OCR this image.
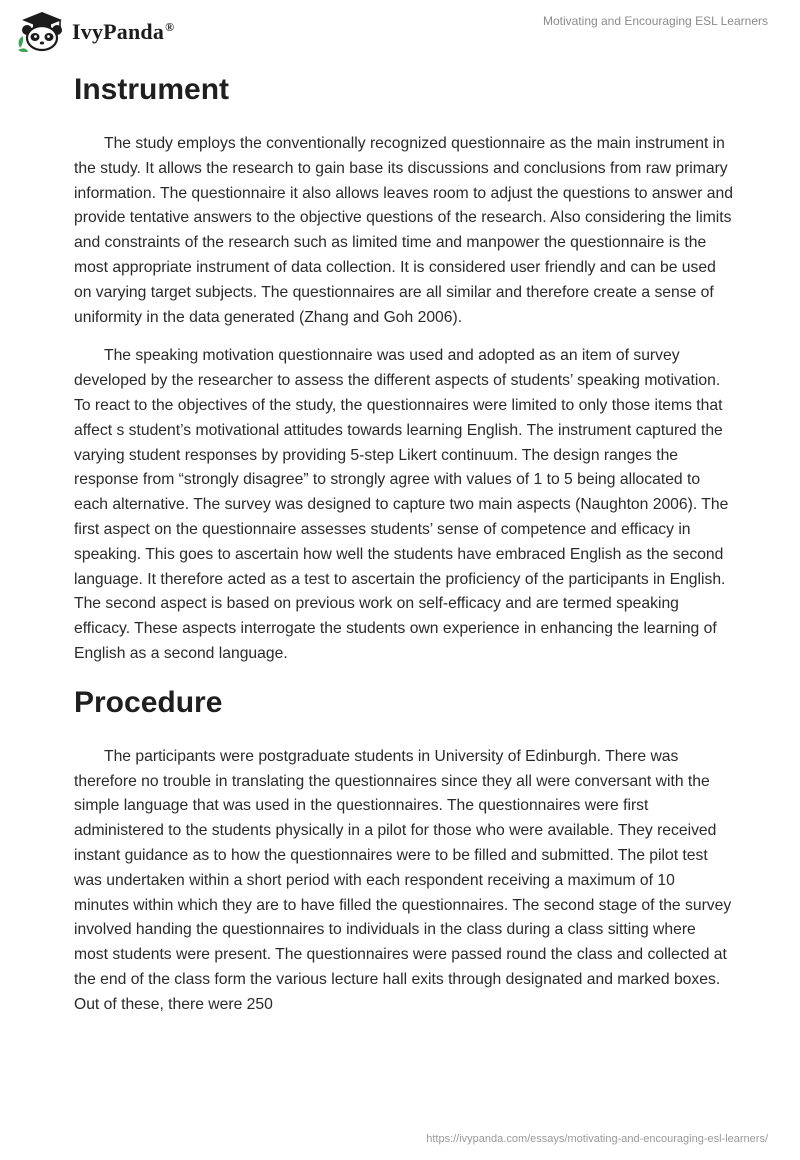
IvyPanda®	Motivating and Encouraging ESL Learners
Instrument

The study employs the conventionally recognized questionnaire as the main instrument in the study. It allows the research to gain base its discussions and conclusions from raw primary information. The questionnaire it also allows leaves room to adjust the questions to answer and provide tentative answers to the objective questions of the research. Also considering the limits and constraints of the research such as limited time and manpower the questionnaire is the most appropriate instrument of data collection. It is considered user friendly and can be used on varying target subjects. The questionnaires are all similar and therefore create a sense of uniformity in the data generated (Zhang and Goh 2006).

The speaking motivation questionnaire was used and adopted as an item of survey developed by the researcher to assess the different aspects of students’ speaking motivation. To react to the objectives of the study, the questionnaires were limited to only those items that affect s student’s motivational attitudes towards learning English. The instrument captured the varying student responses by providing 5-step Likert continuum. The design ranges the response from “strongly disagree” to strongly agree with values of 1 to 5 being allocated to each alternative. The survey was designed to capture two main aspects (Naughton 2006). The first aspect on the questionnaire assesses students’ sense of competence and efficacy in speaking. This goes to ascertain how well the students have embraced English as the second language. It therefore acted as a test to ascertain the proficiency of the participants in English. The second aspect is based on previous work on self-efficacy and are termed speaking efficacy. These aspects interrogate the students own experience in enhancing the learning of English as a second language.

Procedure

The participants were postgraduate students in University of Edinburgh. There was therefore no trouble in translating the questionnaires since they all were conversant with the simple language that was used in the questionnaires. The questionnaires were first administered to the students physically in a pilot for those who were available. They received instant guidance as to how the questionnaires were to be filled and submitted. The pilot test was undertaken within a short period with each respondent receiving a maximum of 10 minutes within which they are to have filled the questionnaires. The second stage of the survey involved handing the questionnaires to individuals in the class during a class sitting where most students were present. The questionnaires were passed round the class and collected at the end of the class form the various lecture hall exits through designated and marked boxes. Out of these, there were 250

https://ivypanda.com/essays/motivating-and-encouraging-esl-learners/
